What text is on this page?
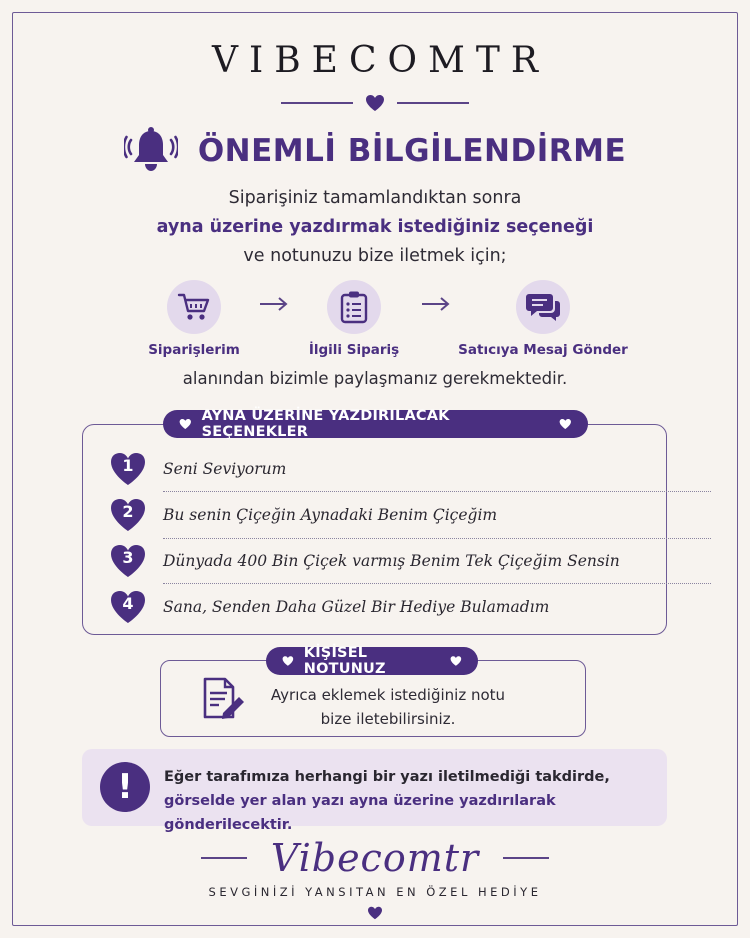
VIBECOMTR
ÖNEMLİ BİLGİLENDİRME
Siparişiniz tamamlandıktan sonra
ayna üzerine yazdırmak istediğiniz seçeneği
ve notunuzu bize iletmek için;
Siparişlerim	İlgili Sipariş	Satıcıya Mesaj Gönder
alanından bizimle paylaşmanız gerekmektedir.
1	Seni Seviyorum
2	Bu senin Çiçeğin Aynadaki Benim Çiçeğim
3	Dünyada 400 Bin Çiçek varmış Benim Tek Çiçeğim Sensin
4	Sana, Senden Daha Güzel Bir Hediye Bulamadım
AYNA ÜZERİNE YAZDIRILACAK SEÇENEKLER
Ayrıca eklemek istediğiniz notu
bize iletebilirsiniz.
KİŞİSEL NOTUNUZ
!	Eğer tarafımıza herhangi bir yazı iletilmediği takdirde,
görselde yer alan yazı ayna üzerine yazdırılarak gönderilecektir.
Vibecomtr
SEVGİNİZİ YANSITAN EN ÖZEL HEDİYE
